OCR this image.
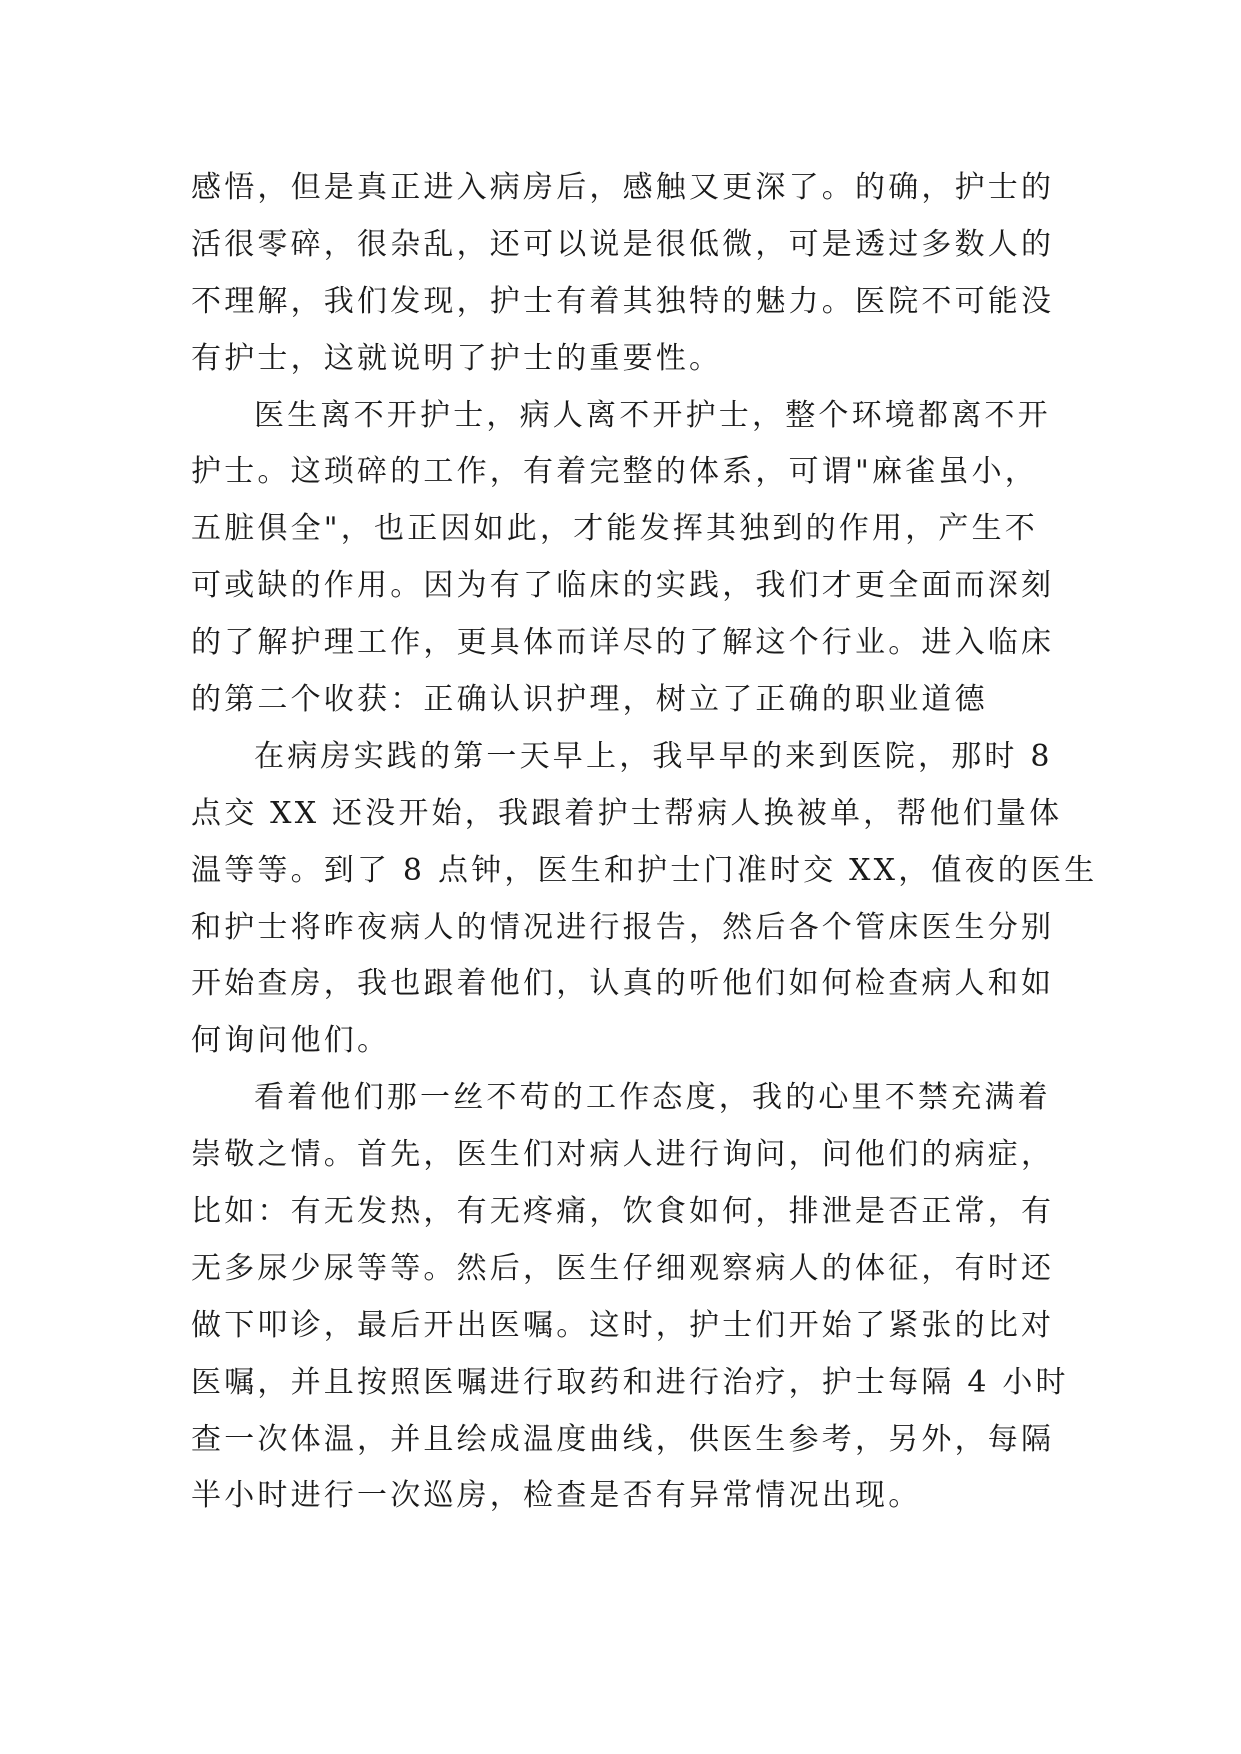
感悟，但是真正进入病房后，感触又更深了。的确，护士的
活很零碎，很杂乱，还可以说是很低微，可是透过多数人的
不理解，我们发现，护士有着其独特的魅力。医院不可能没
有护士，这就说明了护士的重要性。
医生离不开护士，病人离不开护士，整个环境都离不开
护士。这琐碎的工作，有着完整的体系，可谓"麻雀虽小，
五脏俱全"，也正因如此，才能发挥其独到的作用，产生不
可或缺的作用。因为有了临床的实践，我们才更全面而深刻
的了解护理工作，更具体而详尽的了解这个行业。进入临床
的第二个收获：正确认识护理，树立了正确的职业道德
在病房实践的第一天早上，我早早的来到医院，那时 8
点交 XX 还没开始，我跟着护士帮病人换被单，帮他们量体
温等等。到了 8 点钟，医生和护士门准时交 XX，值夜的医生
和护士将昨夜病人的情况进行报告，然后各个管床医生分别
开始查房，我也跟着他们，认真的听他们如何检查病人和如
何询问他们。
看着他们那一丝不苟的工作态度，我的心里不禁充满着
崇敬之情。首先，医生们对病人进行询问，问他们的病症，
比如：有无发热，有无疼痛，饮食如何，排泄是否正常，有
无多尿少尿等等。然后，医生仔细观察病人的体征，有时还
做下叩诊，最后开出医嘱。这时，护士们开始了紧张的比对
医嘱，并且按照医嘱进行取药和进行治疗，护士每隔 4 小时
查一次体温，并且绘成温度曲线，供医生参考，另外，每隔
半小时进行一次巡房，检查是否有异常情况出现。
